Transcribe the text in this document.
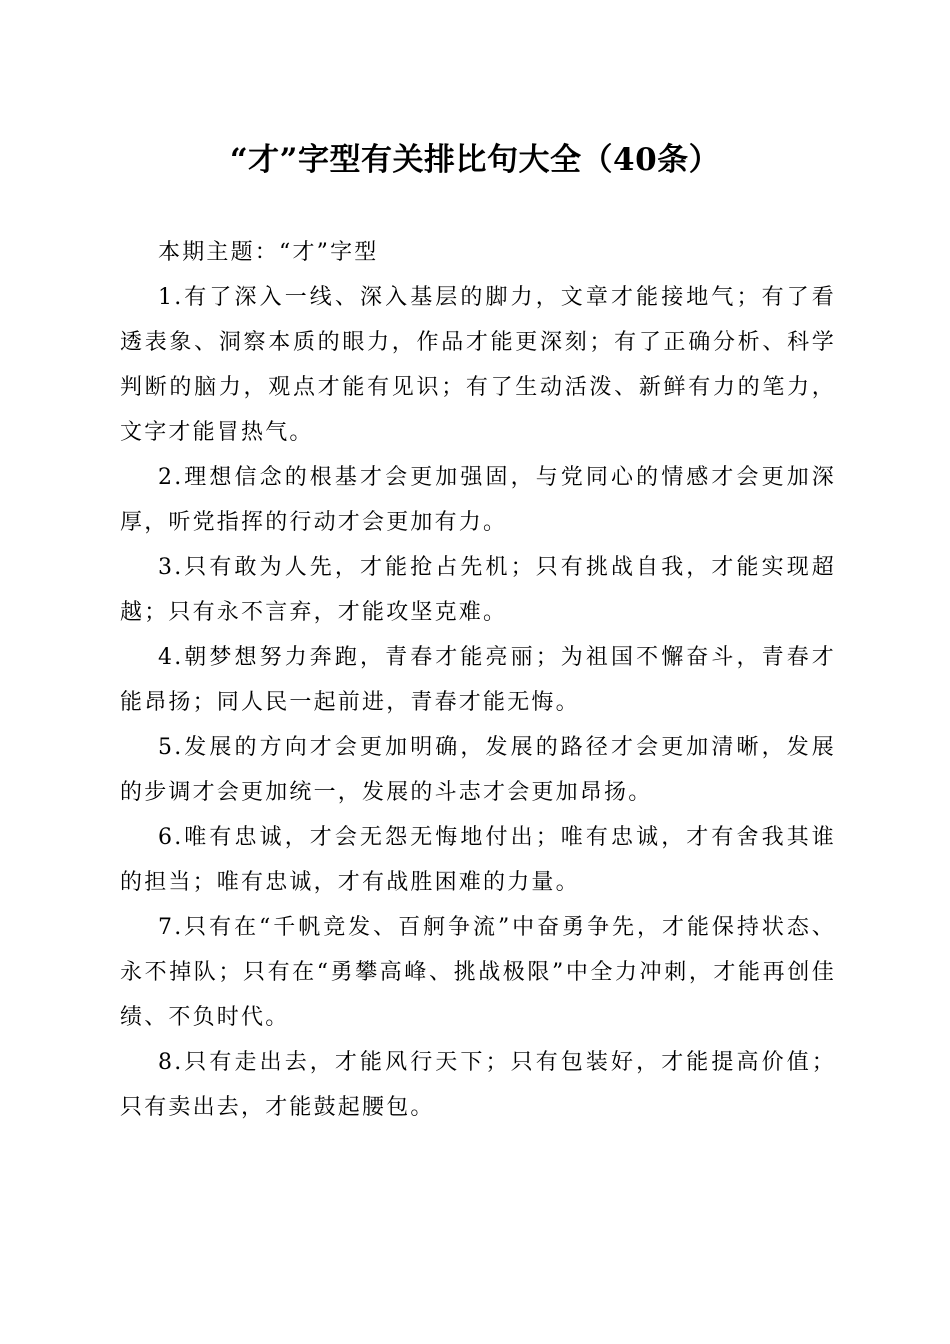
“才”字型有关排比句大全（40条）

本期主题：“才”字型

1.有了深入一线、深入基层的脚力，文章才能接地气；有了看透表象、洞察本质的眼力，作品才能更深刻；有了正确分析、科学判断的脑力，观点才能有见识；有了生动活泼、新鲜有力的笔力，文字才能冒热气。

2.理想信念的根基才会更加强固，与党同心的情感才会更加深厚，听党指挥的行动才会更加有力。

3.只有敢为人先，才能抢占先机；只有挑战自我，才能实现超越；只有永不言弃，才能攻坚克难。

4.朝梦想努力奔跑，青春才能亮丽；为祖国不懈奋斗，青春才能昂扬；同人民一起前进，青春才能无悔。

5.发展的方向才会更加明确，发展的路径才会更加清晰，发展的步调才会更加统一，发展的斗志才会更加昂扬。

6.唯有忠诚，才会无怨无悔地付出；唯有忠诚，才有舍我其谁的担当；唯有忠诚，才有战胜困难的力量。

7.只有在“千帆竞发、百舸争流”中奋勇争先，才能保持状态、永不掉队；只有在“勇攀高峰、挑战极限”中全力冲刺，才能再创佳绩、不负时代。

8.只有走出去，才能风行天下；只有包装好，才能提高价值；只有卖出去，才能鼓起腰包。
